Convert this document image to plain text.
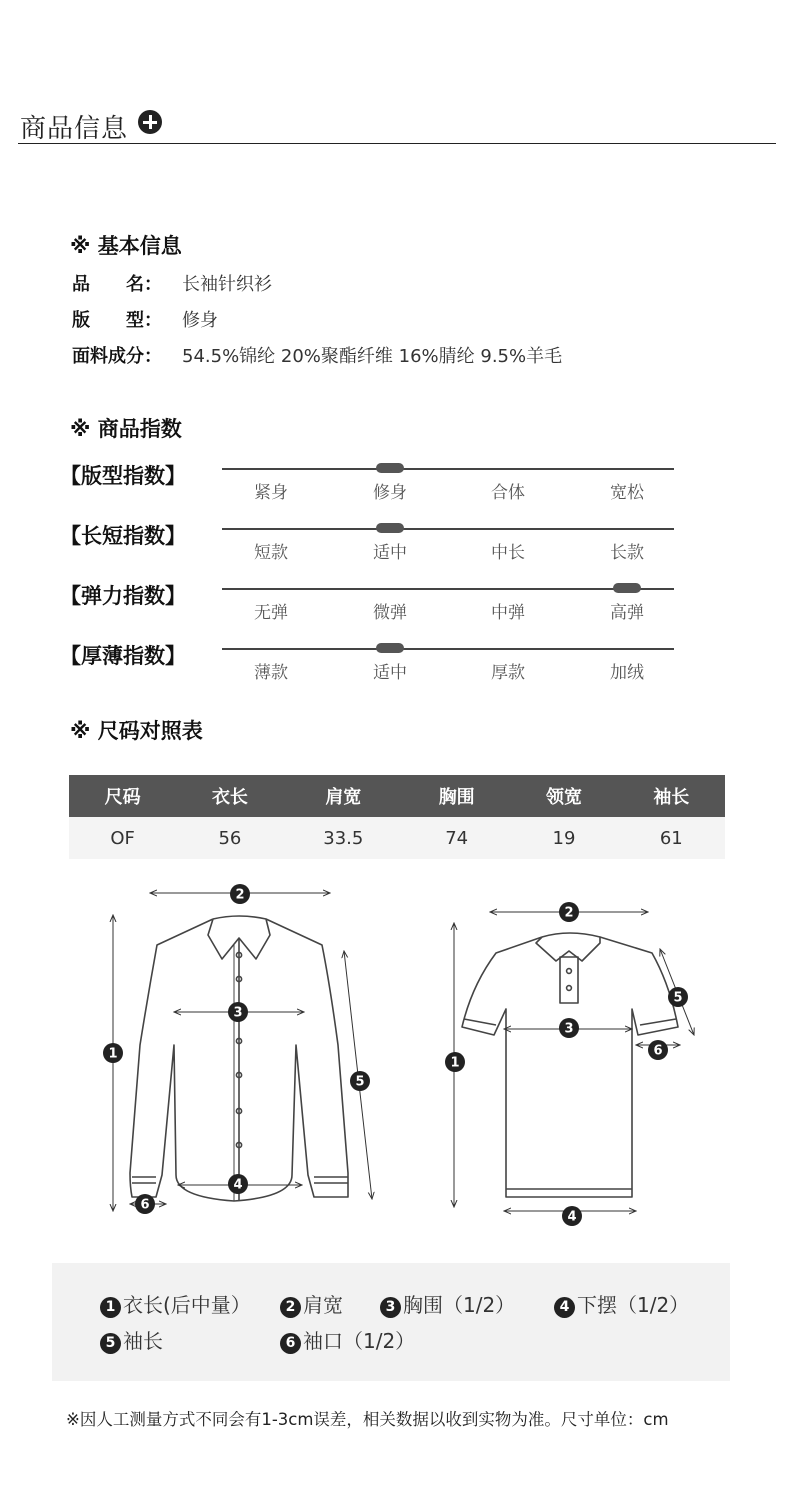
商品信息
※ 基本信息
品　　名： 长袖针织衫
版　　型： 修身
面料成分： 54.5%锦纶 20%聚酯纤维 16%腈纶 9.5%羊毛
※ 商品指数
【版型指数】
紧身	修身	合体	宽松
【长短指数】
短款	适中	中长	长款
【弹力指数】
无弹	微弹	中弹	高弹
【厚薄指数】
薄款	适中	厚款	加绒
※ 尺码对照表
尺码	衣长	肩宽	胸围	领宽	袖长
OF	56	33.5	74	19	61
1
2
3
4
5
6
1
2
3
4
5
6
1 衣长(后中量）	2 肩宽	3 胸围（1/2）	4 下摆（1/2）
5 袖长	6 袖口（1/2）
※因人工测量方式不同会有1-3cm误差，相关数据以收到实物为准。尺寸单位：cm
